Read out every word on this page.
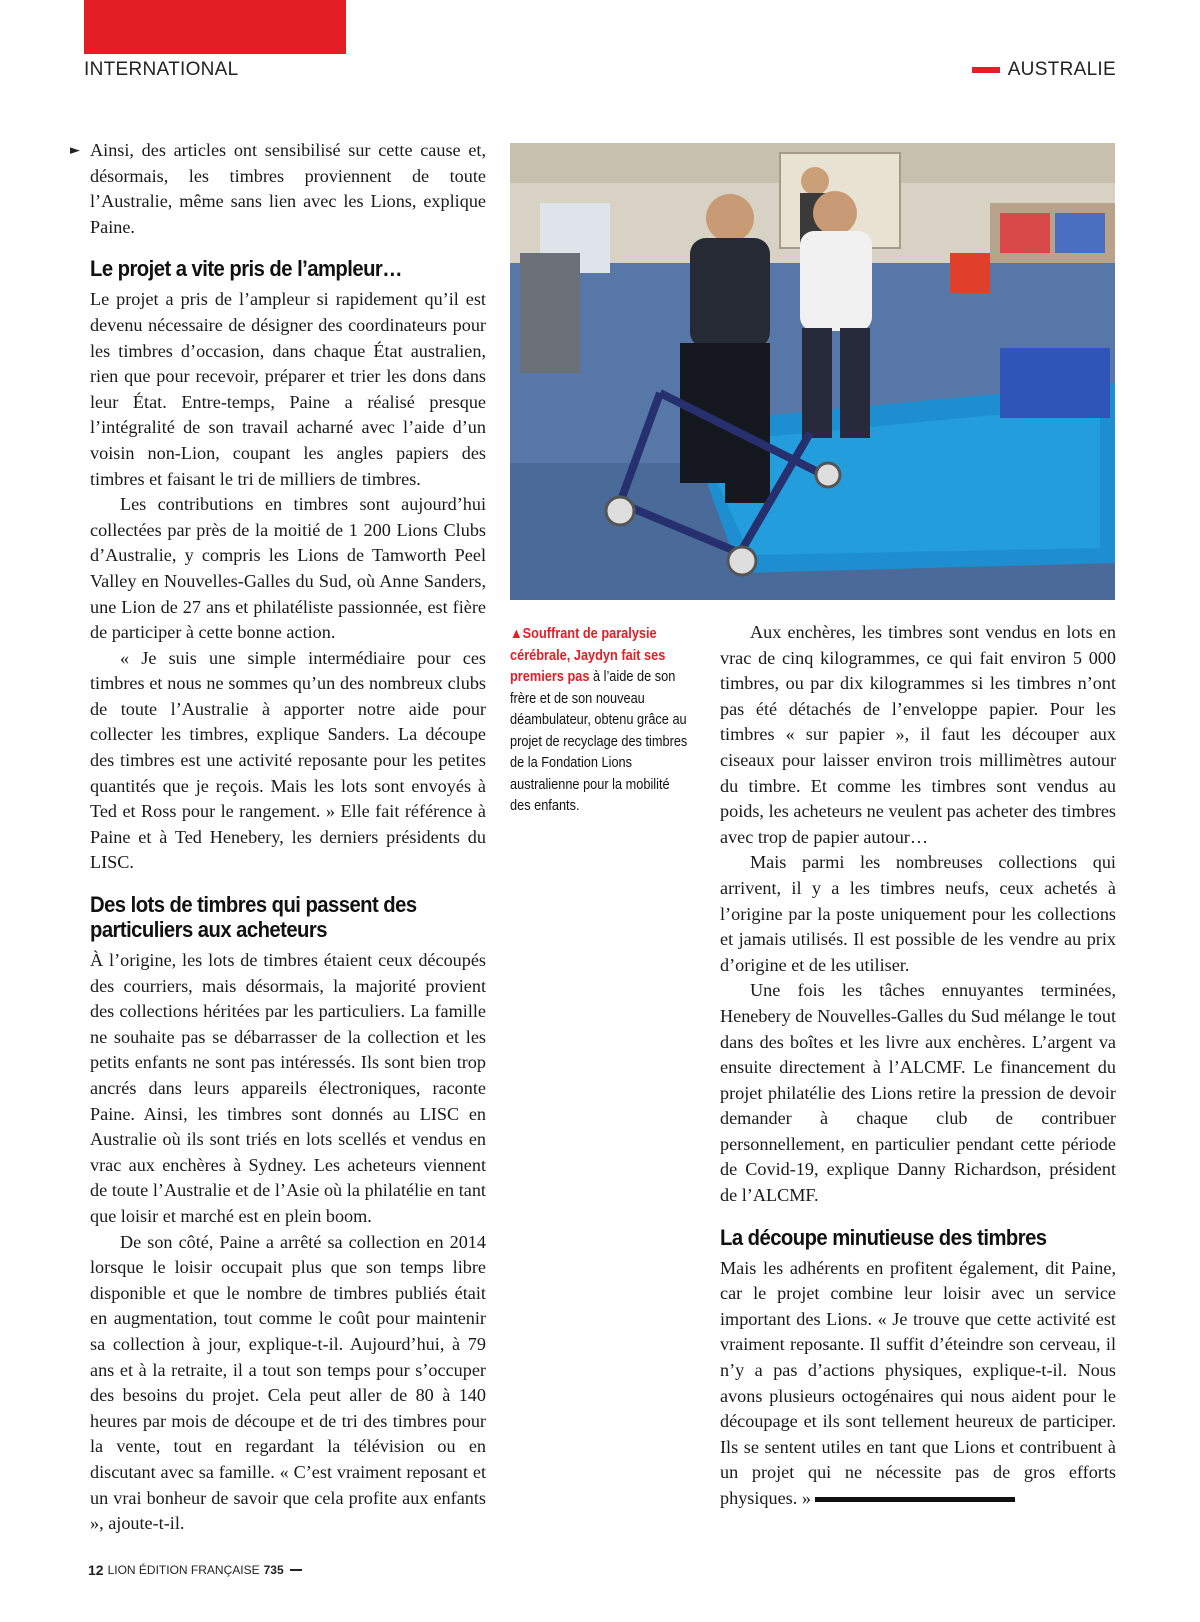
INTERNATIONAL	AUSTRALIE
► Ainsi, des articles ont sensibilisé sur cette cause et, désormais, les timbres proviennent de toute l’Australie, même sans lien avec les Lions, explique Paine.

Le projet a vite pris de l’ampleur…

Le projet a pris de l’ampleur si rapidement qu’il est devenu nécessaire de désigner des coordinateurs pour les timbres d’occasion, dans chaque État australien, rien que pour recevoir, préparer et trier les dons dans leur État. Entre-temps, Paine a réalisé presque l’intégralité de son travail acharné avec l’aide d’un voisin non-Lion, coupant les angles papiers des timbres et faisant le tri de milliers de timbres.

Les contributions en timbres sont aujourd’hui collectées par près de la moitié de 1 200 Lions Clubs d’Australie, y compris les Lions de Tamworth Peel Valley en Nouvelles-Galles du Sud, où Anne Sanders, une Lion de 27 ans et philatéliste passionnée, est fière de participer à cette bonne action.

« Je suis une simple intermédiaire pour ces timbres et nous ne sommes qu’un des nombreux clubs de toute l’Australie à apporter notre aide pour collecter les timbres, explique Sanders. La découpe des timbres est une activité reposante pour les petites quantités que je reçois. Mais les lots sont envoyés à Ted et Ross pour le rangement. » Elle fait référence à Paine et à Ted Henebery, les derniers présidents du LISC.

Des lots de timbres qui passent des particuliers aux acheteurs

À l’origine, les lots de timbres étaient ceux découpés des courriers, mais désormais, la majorité provient des collections héritées par les particuliers. La famille ne souhaite pas se débarrasser de la collection et les petits enfants ne sont pas intéressés. Ils sont bien trop ancrés dans leurs appareils électroniques, raconte Paine. Ainsi, les timbres sont donnés au LISC en Australie où ils sont triés en lots scellés et vendus en vrac aux enchères à Sydney. Les acheteurs viennent de toute l’Australie et de l’Asie où la philatélie en tant que loisir et marché est en plein boom.

De son côté, Paine a arrêté sa collection en 2014 lorsque le loisir occupait plus que son temps libre disponible et que le nombre de timbres publiés était en augmentation, tout comme le coût pour maintenir sa collection à jour, explique-t-il. Aujourd’hui, à 79 ans et à la retraite, il a tout son temps pour s’occuper des besoins du projet. Cela peut aller de 80 à 140 heures par mois de découpe et de tri des timbres pour la vente, tout en regardant la télévision ou en discutant avec sa famille. « C’est vraiment reposant et un vrai bonheur de savoir que cela profite aux enfants », ajoute-t-il.

▲Souffrant de paralysie cérébrale, Jaydyn fait ses premiers pas à l’aide de son frère et de son nouveau déambulateur, obtenu grâce au projet de recyclage des timbres de la Fondation Lions australienne pour la mobilité des enfants.

Aux enchères, les timbres sont vendus en lots en vrac de cinq kilogrammes, ce qui fait environ 5 000 timbres, ou par dix kilogrammes si les timbres n’ont pas été détachés de l’enveloppe papier. Pour les timbres « sur papier », il faut les découper aux ciseaux pour laisser environ trois millimètres autour du timbre. Et comme les timbres sont vendus au poids, les acheteurs ne veulent pas acheter des timbres avec trop de papier autour…

Mais parmi les nombreuses collections qui arrivent, il y a les timbres neufs, ceux achetés à l’origine par la poste uniquement pour les collections et jamais utilisés. Il est possible de les vendre au prix d’origine et de les utiliser.

Une fois les tâches ennuyantes terminées, Henebery de Nouvelles-Galles du Sud mélange le tout dans des boîtes et les livre aux enchères. L’argent va ensuite directement à l’ALCMF. Le financement du projet philatélie des Lions retire la pression de devoir demander à chaque club de contribuer personnellement, en particulier pendant cette période de Covid-19, explique Danny Richardson, président de l’ALCMF.

La découpe minutieuse des timbres

Mais les adhérents en profitent également, dit Paine, car le projet combine leur loisir avec un service important des Lions. « Je trouve que cette activité est vraiment reposante. Il suffit d’éteindre son cerveau, il n’y a pas d’actions physiques, explique-t-il. Nous avons plusieurs octogénaires qui nous aident pour le découpage et ils sont tellement heureux de participer. Ils se sentent utiles en tant que Lions et contribuent à un projet qui ne nécessite pas de gros efforts physiques. »

12 LION ÉDITION FRANÇAISE 735
